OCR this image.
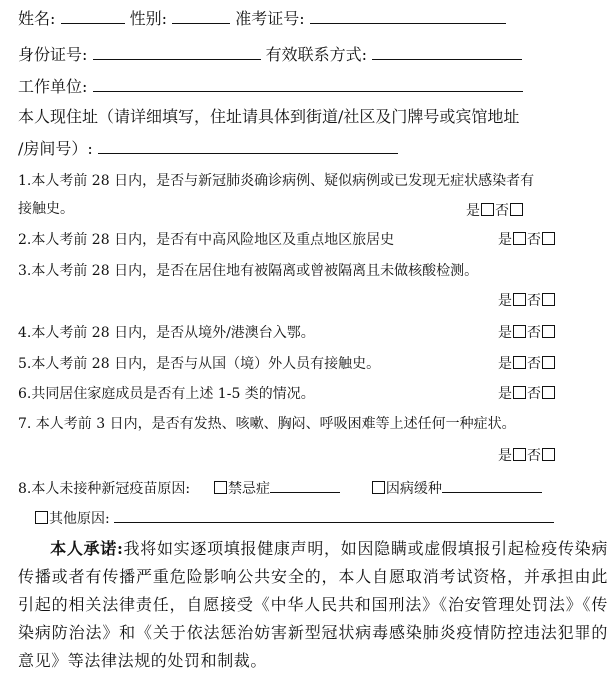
姓名:	性别:	准考证号:
身份证号:	有效联系方式:
工作单位:
本人现住址（请详细填写，住址请具体到街道/社区及门牌号或宾馆地址
/房间号）:
1.本人考前 28 日内，是否与新冠肺炎确诊病例、疑似病例或已发现无症状感染者有
接触史。	是 否
2.本人考前 28 日内，是否有中高风险地区及重点地区旅居史	是 否
3.本人考前 28 日内，是否在居住地有被隔离或曾被隔离且未做核酸检测。
是 否
4.本人考前 28 日内，是否从境外/港澳台入鄂。	是 否
5.本人考前 28 日内，是否与从国（境）外人员有接触史。	是 否
6.共同居住家庭成员是否有上述 1-5 类的情况。	是 否
7. 本人考前 3 日内，是否有发热、咳嗽、胸闷、呼吸困难等上述任何一种症状。
是 否
8.本人未接种新冠疫苗原因:	禁忌症	因病缓种
其他原因:
本人承诺:我将如实逐项填报健康声明，如因隐瞒或虚假填报引起检疫传染病传播或者有传播严重危险影响公共安全的，本人自愿取消考试资格，并承担由此引起的相关法律责任，自愿接受《中华人民共和国刑法》《治安管理处罚法》《传染病防治法》和《关于依法惩治妨害新型冠状病毒感染肺炎疫情防控违法犯罪的意见》等法律法规的处罚和制裁。
